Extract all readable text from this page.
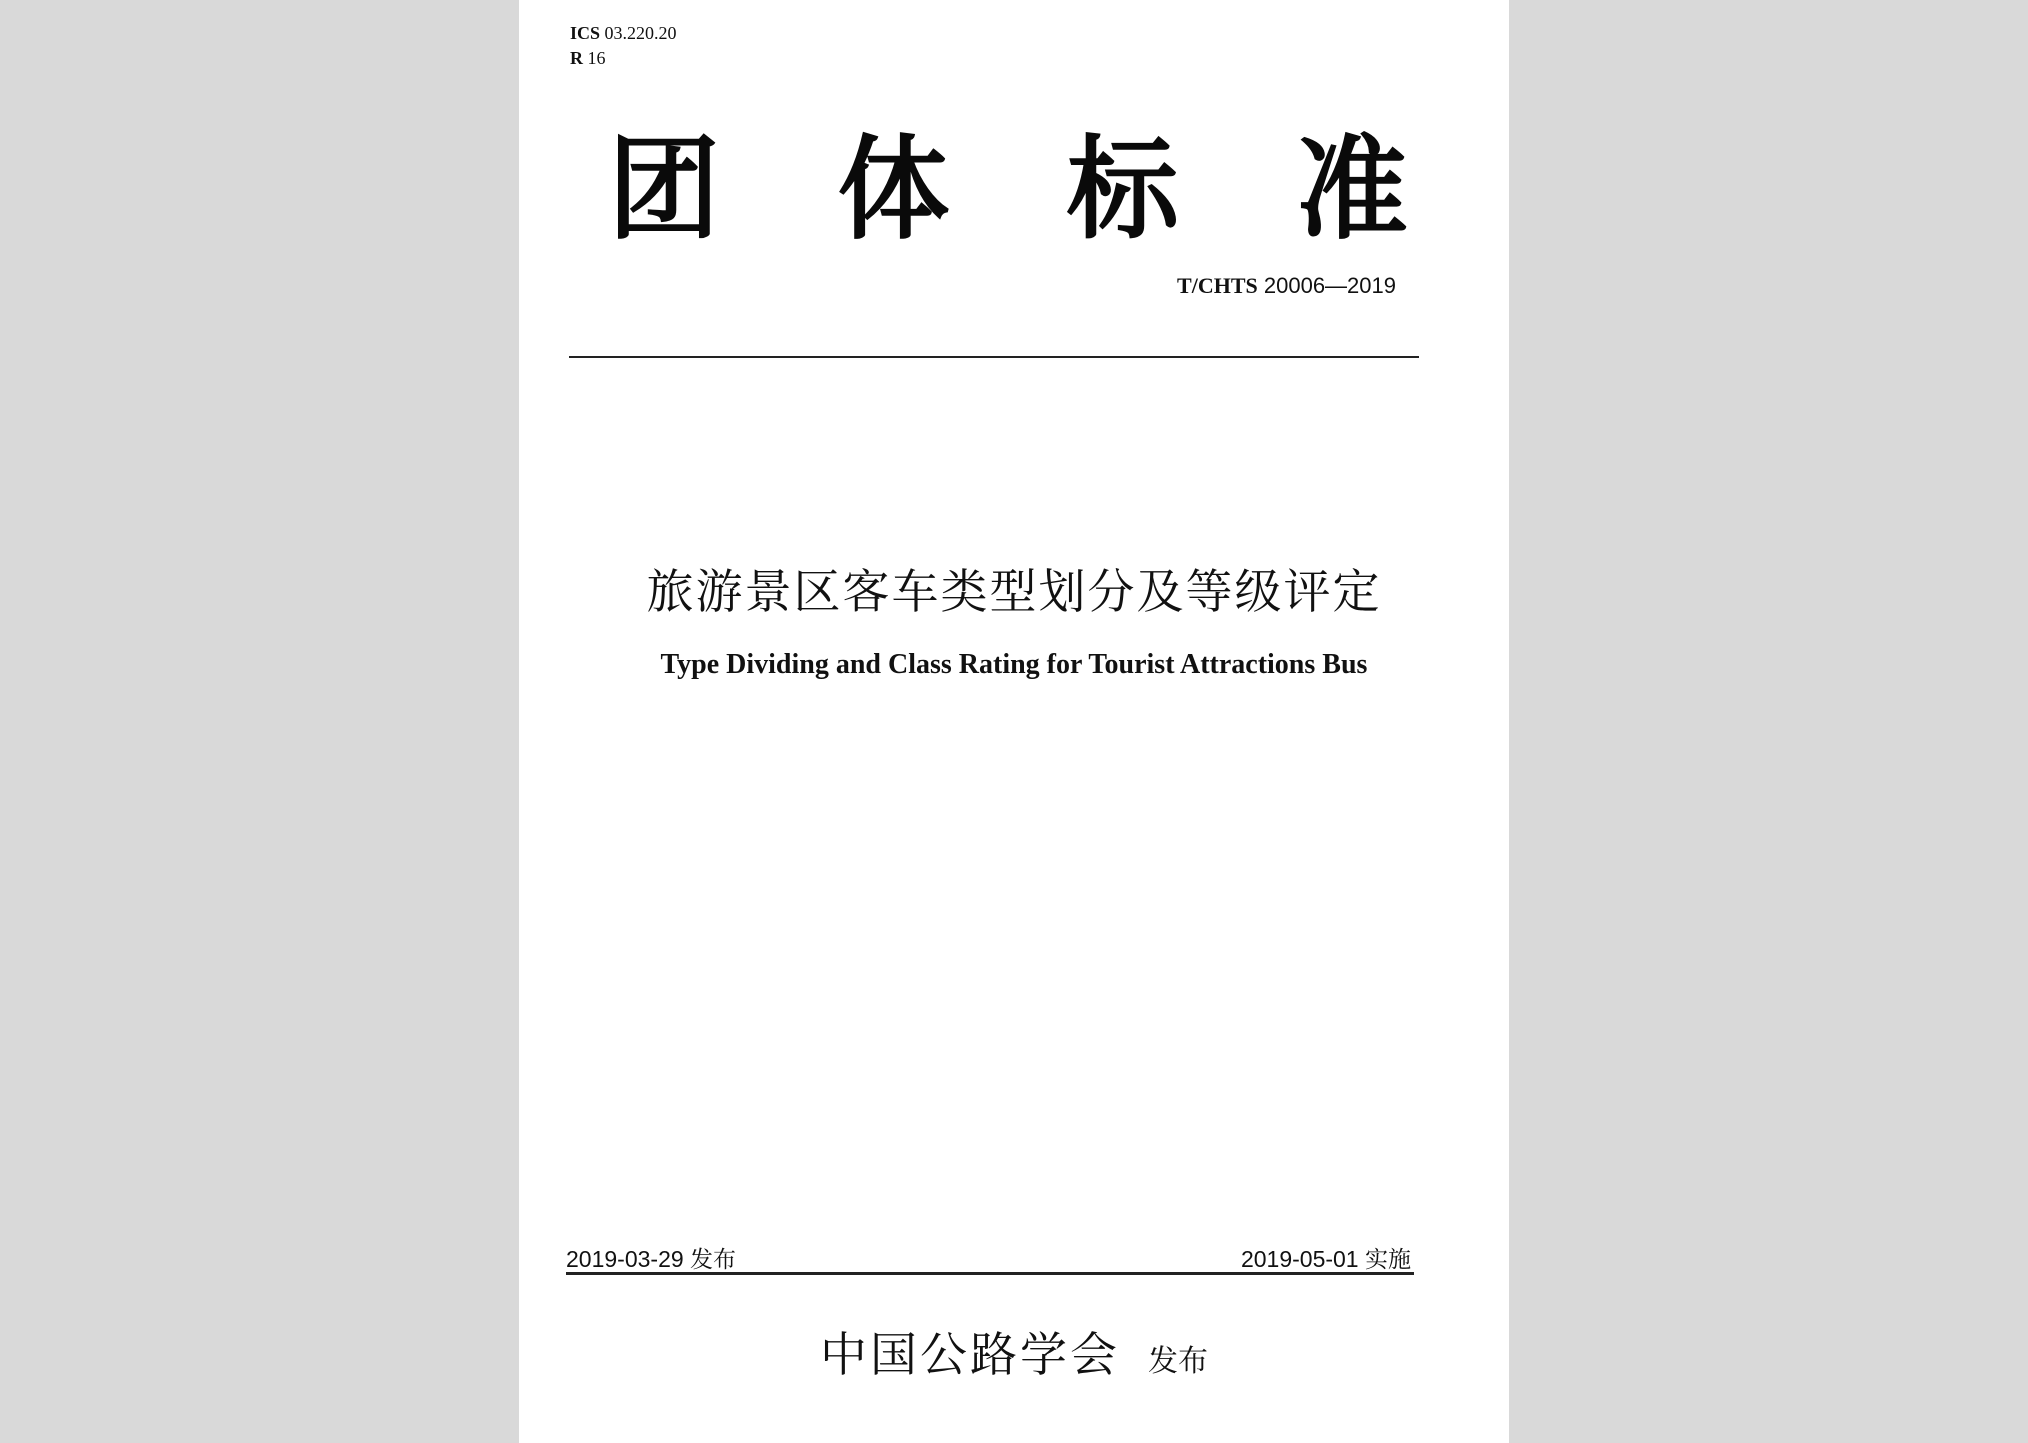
ICS 03.220.20
R 16
团 体 标 准
T/CHTS 20006—2019
旅游景区客车类型划分及等级评定
Type Dividing and Class Rating for Tourist Attractions Bus
2019-03-29 发布	2019-05-01 实施
中国公路学会 发布
